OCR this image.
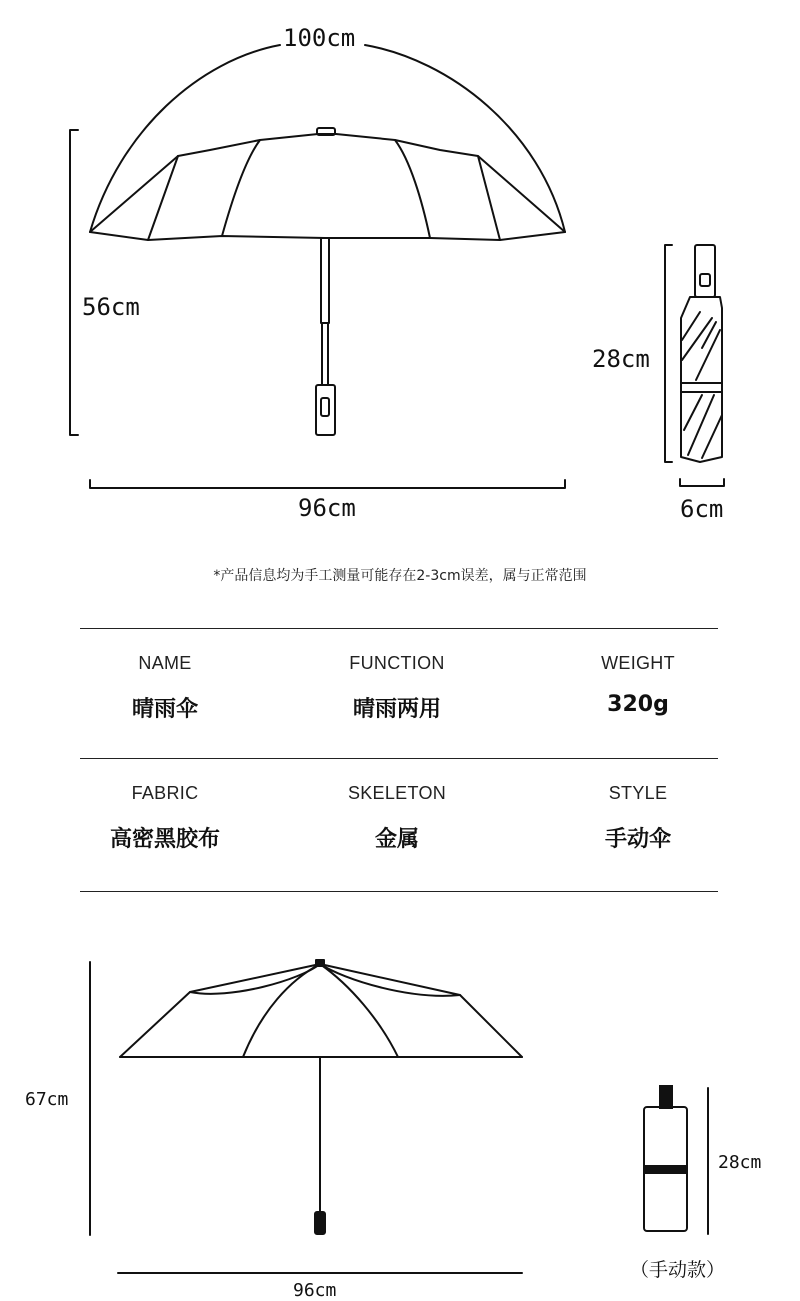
100cm
56cm
96cm
28cm
6cm
*产品信息均为手工测量可能存在2-3cm误差，属与正常范围
NAME
晴雨伞
FUNCTION
晴雨两用
WEIGHT
320g
FABRIC
高密黑胶布
SKELETON
金属
STYLE
手动伞
67cm
96cm
28cm
（手动款）
